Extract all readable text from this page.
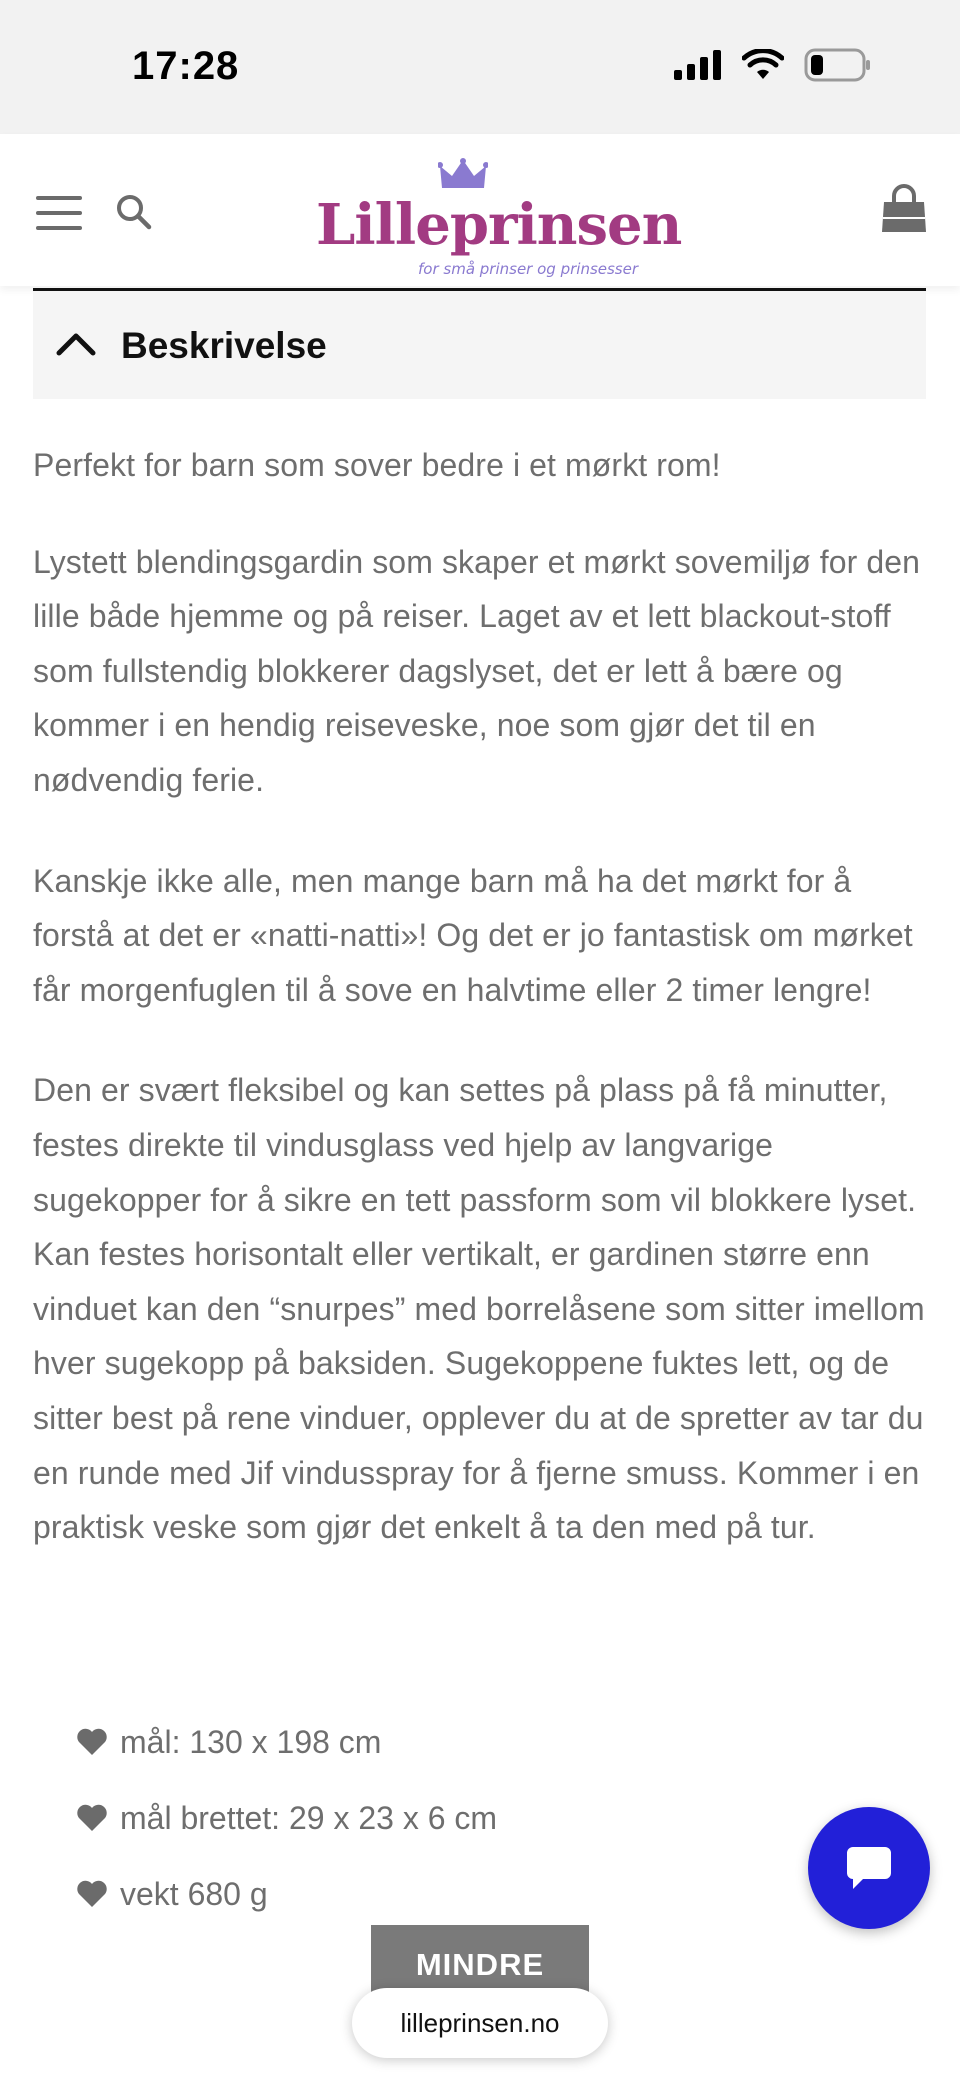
17:28
Lilleprinsen
for små prinser og prinsesser
Beskrivelse

Perfekt for barn som sover bedre i et mørkt rom!

Lystett blendingsgardin som skaper et mørkt sovemiljø for den lille både hjemme og på reiser. Laget av et lett blackout-stoff som fullstendig blokkerer dagslyset, det er lett å bære og kommer i en hendig reiseveske, noe som gjør det til en nødvendig ferie.

Kanskje ikke alle, men mange barn må ha det mørkt for å forstå at det er «natti-natti»! Og det er jo fantastisk om mørket får morgenfuglen til å sove en halvtime eller 2 timer lengre!

Den er svært fleksibel og kan settes på plass på få minutter, festes direkte til vindusglass ved hjelp av langvarige sugekopper for å sikre en tett passform som vil blokkere lyset. Kan festes horisontalt eller vertikalt, er gardinen større enn vinduet kan den “snurpes” med borrelåsene som sitter imellom hver sugekopp på baksiden. Sugekoppene fuktes lett, og de sitter best på rene vinduer, opplever du at de spretter av tar du en runde med Jif vindusspray for å fjerne smuss. Kommer i en praktisk veske som gjør det enkelt å ta den med på tur.

mål: 130 x 198 cm
mål brettet: 29 x 23 x 6 cm
vekt 680 g
MINDRE
lilleprinsen.no
